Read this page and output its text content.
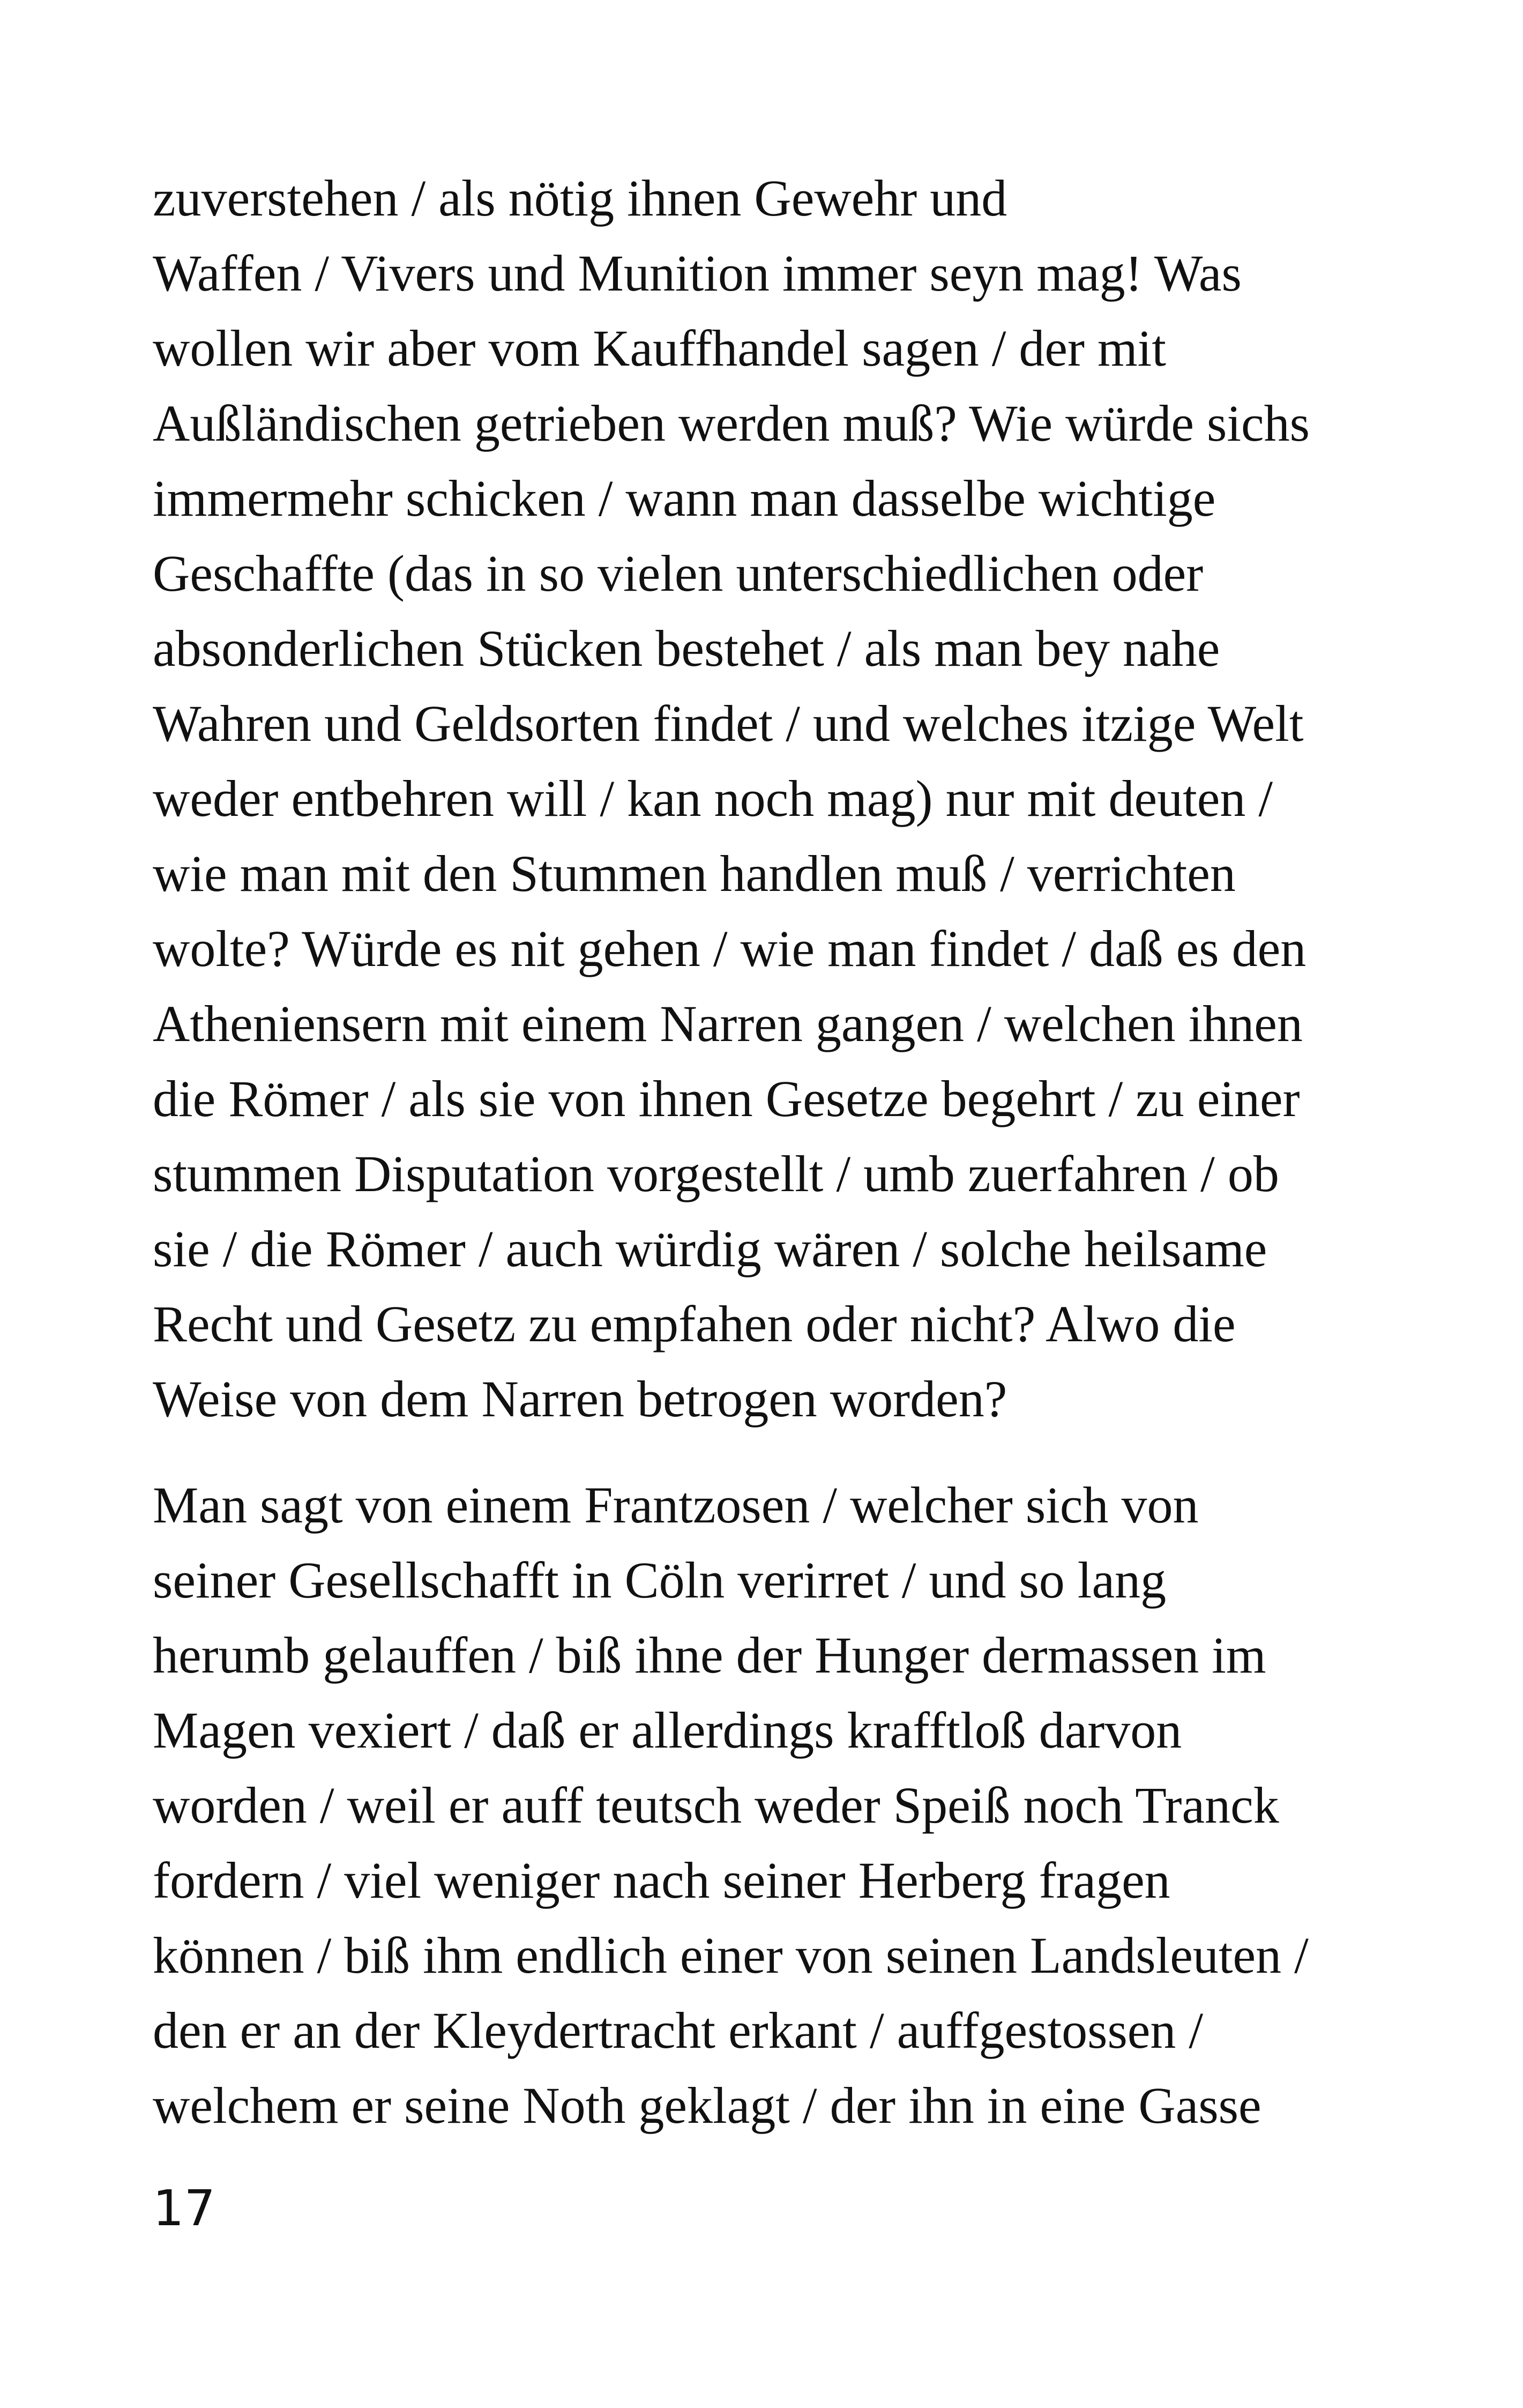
zuverstehen / als nötig ihnen Gewehr und
Waffen / Vivers und Munition immer seyn mag! Was
wollen wir aber vom Kauffhandel sagen / der mit
Außländischen getrieben werden muß? Wie würde sichs
immermehr schicken / wann man dasselbe wichtige
Geschaffte (das in so vielen unterschiedlichen oder
absonderlichen Stücken bestehet / als man bey nahe
Wahren und Geldsorten findet / und welches itzige Welt
weder entbehren will / kan noch mag) nur mit deuten /
wie man mit den Stummen handlen muß / verrichten
wolte? Würde es nit gehen / wie man findet / daß es den
Atheniensern mit einem Narren gangen / welchen ihnen
die Römer / als sie von ihnen Gesetze begehrt / zu einer
stummen Disputation vorgestellt / umb zuerfahren / ob
sie / die Römer / auch würdig wären / solche heilsame
Recht und Gesetz zu empfahen oder nicht? Alwo die
Weise von dem Narren betrogen worden?

Man sagt von einem Frantzosen / welcher sich von
seiner Gesellschafft in Cöln verirret / und so lang
herumb gelauffen / biß ihne der Hunger dermassen im
Magen vexiert / daß er allerdings krafftloß darvon
worden / weil er auff teutsch weder Speiß noch Tranck
fordern / viel weniger nach seiner Herberg fragen
können / biß ihm endlich einer von seinen Landsleuten /
den er an der Kleydertracht erkant / auffgestossen /
welchem er seine Noth geklagt / der ihn in eine Gasse

17
